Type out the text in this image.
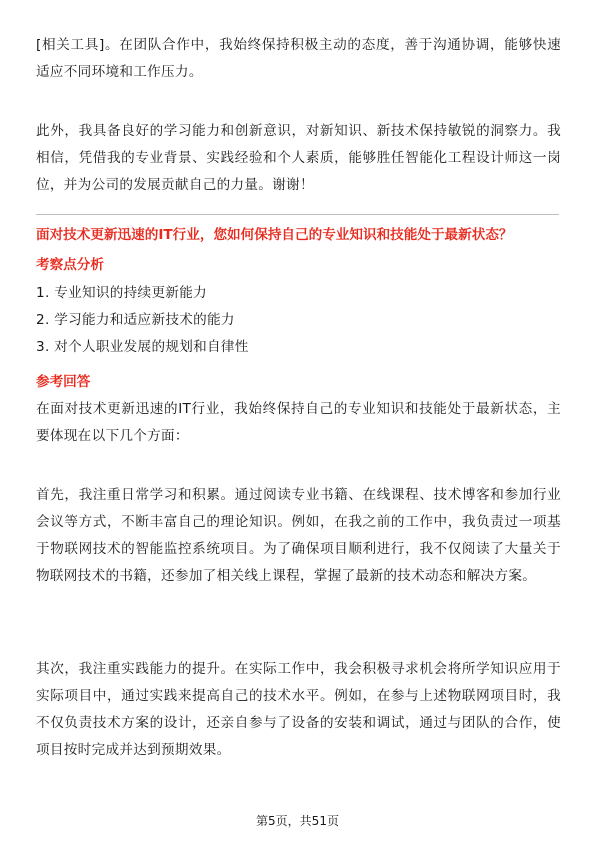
[相关工具]。在团队合作中，我始终保持积极主动的态度，善于沟通协调，能够快速适应不同环境和工作压力。

此外，我具备良好的学习能力和创新意识，对新知识、新技术保持敏锐的洞察力。我相信，凭借我的专业背景、实践经验和个人素质，能够胜任智能化工程设计师这一岗位，并为公司的发展贡献自己的力量。谢谢！

面对技术更新迅速的IT行业，您如何保持自己的专业知识和技能处于最新状态？

考察点分析

1. 专业知识的持续更新能力
2. 学习能力和适应新技术的能力
3. 对个人职业发展的规划和自律性

参考回答

在面对技术更新迅速的IT行业，我始终保持自己的专业知识和技能处于最新状态，主要体现在以下几个方面：

首先，我注重日常学习和积累。通过阅读专业书籍、在线课程、技术博客和参加行业会议等方式，不断丰富自己的理论知识。例如，在我之前的工作中，我负责过一项基于物联网技术的智能监控系统项目。为了确保项目顺利进行，我不仅阅读了大量关于物联网技术的书籍，还参加了相关线上课程，掌握了最新的技术动态和解决方案。

其次，我注重实践能力的提升。在实际工作中，我会积极寻求机会将所学知识应用于实际项目中，通过实践来提高自己的技术水平。例如，在参与上述物联网项目时，我不仅负责技术方案的设计，还亲自参与了设备的安装和调试，通过与团队的合作，使项目按时完成并达到预期效果。

第5页，共51页
